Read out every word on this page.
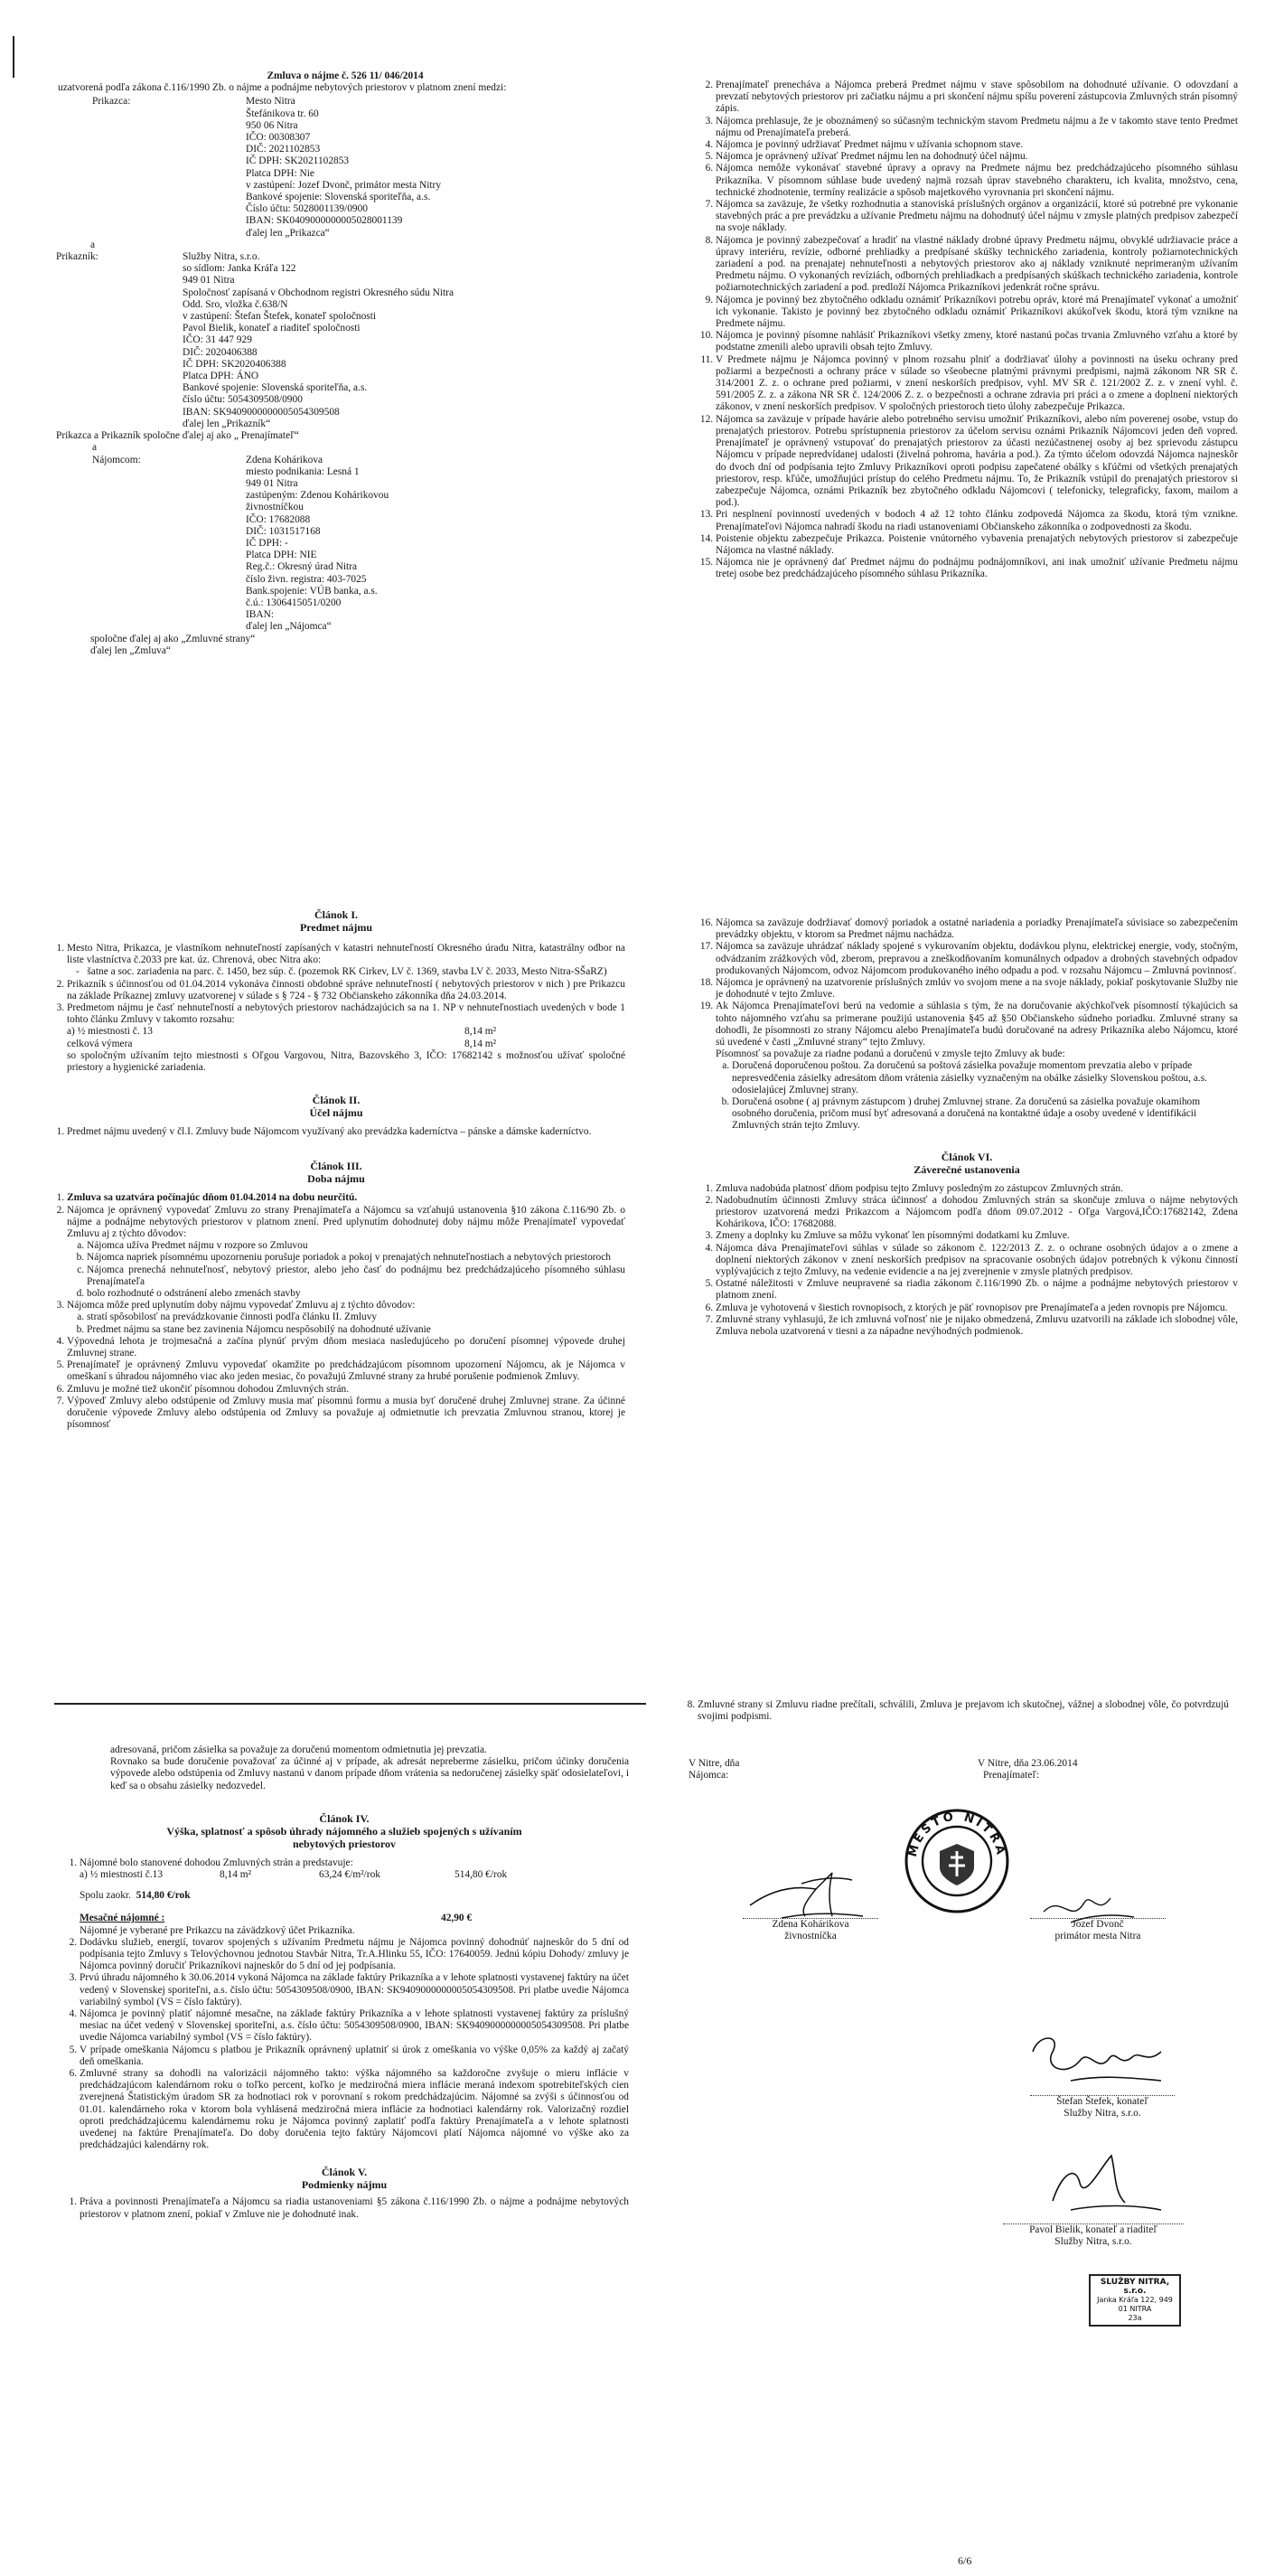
Zmluva o nájme č. 526 11/ 046/2014

uzatvorená podľa zákona č.116/1990 Zb. o nájme a podnájme nebytových priestorov v platnom znení medzi:

Prikazca:	Mesto Nitra
Štefánikova tr. 60
950 06 Nitra
IČO: 00308307
DIČ: 2021102853
IČ DPH: SK2021102853
Platca DPH: Nie
v zastúpení: Jozef Dvonč, primátor mesta Nitry
Bankové spojenie: Slovenská sporiteľňa, a.s.
Číslo účtu: 5028001139/0900
IBAN: SK0409000000005028001139
ďalej len „Prikazca“
a
Prikazník:	Služby Nitra, s.r.o.
so sídlom: Janka Kráľa 122
949 01 Nitra
Spoločnosť zapísaná v Obchodnom registri Okresného súdu Nitra
Odd. Sro, vložka č.638/N
v zastúpení: Štefan Štefek, konateľ spoločnosti
Pavol Bielik, konateľ a riaditeľ spoločnosti
IČO: 31 447 929
DIČ: 2020406388
IČ DPH: SK2020406388
Platca DPH: ÁNO
Bankové spojenie: Slovenská sporiteľňa, a.s.
číslo účtu: 5054309508/0900
IBAN: SK9409000000005054309508
ďalej len „Prikazník“
Prikazca a Prikazník spoločne ďalej aj ako „ Prenajímateľ“
a
Nájomcom:	Zdena Kohárikova
miesto podnikania: Lesná 1
949 01 Nitra
zastúpeným: Zdenou Kohárikovou
živnostníčkou
IČO: 17682088
DIČ: 1031517168
IČ DPH: -
Platca DPH: NIE
Reg.č.: Okresný úrad Nitra
číslo živn. registra: 403-7025
Bank.spojenie: VÚB banka, a.s.
č.ú.: 1306415051/0200
IBAN:
ďalej len „Nájomca“
spoločne ďalej aj ako „Zmluvné strany“
ďalej len „Zmluva“
2. Prenajímateľ prenecháva a Nájomca preberá Predmet nájmu v stave spôsobilom na dohodnuté užívanie. O odovzdaní a prevzatí nebytových priestorov pri začiatku nájmu a pri skončení nájmu spíšu poverení zástupcovia Zmluvných strán písomný zápis.
3. Nájomca prehlasuje, že je oboznámený so súčasným technickým stavom Predmetu nájmu a že v takomto stave tento Predmet nájmu od Prenajímateľa preberá.
4. Nájomca je povinný udržiavať Predmet nájmu v užívania schopnom stave.
5. Nájomca je oprávnený užívať Predmet nájmu len na dohodnutý účel nájmu.
6. Nájomca nemôže vykonávať stavebné úpravy a opravy na Predmete nájmu bez predchádzajúceho písomného súhlasu Prikazníka. V písomnom súhlase bude uvedený najmä rozsah úprav stavebného charakteru, ich kvalita, množstvo, cena, technické zhodnotenie, termíny realizácie a spôsob majetkového vyrovnania pri skončení nájmu.
7. Nájomca sa zaväzuje, že všetky rozhodnutia a stanoviská príslušných orgánov a organizácií, ktoré sú potrebné pre vykonanie stavebných prác a pre prevádzku a užívanie Predmetu nájmu na dohodnutý účel nájmu v zmysle platných predpisov zabezpečí na svoje náklady.
8. Nájomca je povinný zabezpečovať a hradiť na vlastné náklady drobné úpravy Predmetu nájmu, obvyklé udržiavacie práce a úpravy interiéru, revízie, odborné prehliadky a predpísané skúšky technického zariadenia, kontroly požiarnotechnických zariadení a pod. na prenajatej nehnuteľnosti a nebytových priestorov ako aj náklady vzniknuté neprimeraným užívaním Predmetu nájmu. O vykonaných revíziách, odborných prehliadkach a predpísaných skúškach technického zariadenia, kontrole požiarnotechnických zariadení a pod. predloží Nájomca Prikazníkovi jedenkrát ročne správu.
9. Nájomca je povinný bez zbytočného odkladu oznámiť Prikazníkovi potrebu opráv, ktoré má Prenajímateľ vykonať a umožniť ich vykonanie. Takisto je povinný bez zbytočného odkladu oznámiť Prikazníkovi akúkoľvek škodu, ktorá tým vznikne na Predmete nájmu.
10. Nájomca je povinný písomne nahlásiť Prikazníkovi všetky zmeny, ktoré nastanú počas trvania Zmluvného vzťahu a ktoré by podstatne zmenili alebo upravili obsah tejto Zmluvy.
11. V Predmete nájmu je Nájomca povinný v plnom rozsahu plniť a dodržiavať úlohy a povinnosti na úseku ochrany pred požiarmi a bezpečnosti a ochrany práce v súlade so všeobecne platnými právnymi predpismi, najmä zákonom NR SR č. 314/2001 Z. z. o ochrane pred požiarmi, v znení neskorších predpisov, vyhl. MV SR č. 121/2002 Z. z. v znení vyhl. č. 591/2005 Z. z. a zákona NR SR č. 124/2006 Z. z. o bezpečnosti a ochrane zdravia pri práci a o zmene a doplnení niektorých zákonov, v znení neskorších predpisov. V spoločných priestoroch tieto úlohy zabezpečuje Prikazca.
12. Nájomca sa zaväzuje v prípade havárie alebo potrebného servisu umožniť Prikazníkovi, alebo ním poverenej osobe, vstup do prenajatých priestorov. Potrebu sprístupnenia priestorov za účelom servisu oznámi Prikazník Nájomcovi jeden deň vopred. Prenajímateľ je oprávnený vstupovať do prenajatých priestorov za účasti nezúčastnenej osoby aj bez sprievodu zástupcu Nájomcu v prípade nepredvídanej udalosti (živelná pohroma, havária a pod.). Za týmto účelom odovzdá Nájomca najneskôr do dvoch dní od podpísania tejto Zmluvy Prikazníkovi oproti podpisu zapečatené obálky s kľúčmi od všetkých prenajatých priestorov, resp. kľúče, umožňujúci prístup do celého Predmetu nájmu. To, že Prikazník vstúpil do prenajatých priestorov si zabezpečuje Nájomca, oznámi Prikazník bez zbytočného odkladu Nájomcovi ( telefonicky, telegraficky, faxom, mailom a pod.).
13. Pri nesplnení povinností uvedených v bodoch 4 až 12 tohto článku zodpovedá Nájomca za škodu, ktorá tým vznikne. Prenajímateľovi Nájomca nahradí škodu na riadi ustanoveniami Občianskeho zákonníka o zodpovednosti za škodu.
14. Poistenie objektu zabezpečuje Prikazca. Poistenie vnútorného vybavenia prenajatých nebytových priestorov si zabezpečuje Nájomca na vlastné náklady.
15. Nájomca nie je oprávnený dať Predmet nájmu do podnájmu podnájomníkovi, ani inak umožniť užívanie Predmetu nájmu tretej osobe bez predchádzajúceho písomného súhlasu Prikazníka.
Článok I.
Predmet nájmu
1. Mesto Nitra, Prikazca, je vlastníkom nehnuteľností zapísaných v katastri nehnuteľností Okresného úradu Nitra, katastrálny odbor na liste vlastníctva č.2033 pre kat. úz. Chrenová, obec Nitra ako:
-   šatne a soc. zariadenia na parc. č. 1450, bez súp. č. (pozemok RK Cirkev, LV č. 1369, stavba LV č. 2033, Mesto Nitra-SŠaRZ)
2. Prikazník s účinnosťou od 01.04.2014 vykonáva činnosti obdobné správe nehnuteľností ( nebytových priestorov v nich ) pre Prikazcu na základe Príkaznej zmluvy uzatvorenej v súlade s § 724 - § 732 Občianskeho zákonníka dňa 24.03.2014.
3. Predmetom nájmu je časť nehnuteľností a nebytových priestorov nachádzajúcich sa na 1. NP v nehnuteľnostiach uvedených v bode 1 tohto článku Zmluvy v takomto rozsahu:
a) ½ miestnosti č. 13	8,14 m²
celková výmera	8,14 m²
so spoločným užívaním tejto miestnosti s Oľgou Vargovou, Nitra, Bazovského 3, IČO: 17682142 s možnosťou užívať spoločné priestory a hygienické zariadenia.
Článok II.
Účel nájmu
1. Predmet nájmu uvedený v čl.I. Zmluvy bude Nájomcom využívaný ako prevádzka kaderníctva – pánske a dámske kaderníctvo.
Článok III.
Doba nájmu
1. Zmluva sa uzatvára počínajúc dňom 01.04.2014 na dobu neurčitú.
2. Nájomca je oprávnený vypovedať Zmluvu zo strany Prenajímateľa a Nájomcu sa vzťahujú ustanovenia §10 zákona č.116/90 Zb. o nájme a podnájme nebytových priestorov v platnom znení. Pred uplynutím dohodnutej doby nájmu môže Prenajímateľ vypovedať Zmluvu aj z týchto dôvodov:
a. Nájomca užíva Predmet nájmu v rozpore so Zmluvou
b. Nájomca napriek písomnému upozorneniu porušuje poriadok a pokoj v prenajatých nehnuteľnostiach a nebytových priestoroch
c. Nájomca prenechá nehnuteľnosť, nebytový priestor, alebo jeho časť do podnájmu bez predchádzajúceho písomného súhlasu Prenajímateľa
d. bolo rozhodnuté o odstránení alebo zmenách stavby
3. Nájomca môže pred uplynutím doby nájmu vypovedať Zmluvu aj z týchto dôvodov:
a. stratí spôsobilosť na prevádzkovanie činnosti podľa článku II. Zmluvy
b. Predmet nájmu sa stane bez zavinenia Nájomcu nespôsobilý na dohodnuté užívanie
4. Výpovedná lehota je trojmesačná a začína plynúť prvým dňom mesiaca nasledujúceho po doručení písomnej výpovede druhej Zmluvnej strane.
5. Prenajímateľ je oprávnený Zmluvu vypovedať okamžite po predchádzajúcom písomnom upozornení Nájomcu, ak je Nájomca v omeškaní s úhradou nájomného viac ako jeden mesiac, čo považujú Zmluvné strany za hrubé porušenie podmienok Zmluvy.
6. Zmluvu je možné tiež ukončiť písomnou dohodou Zmluvných strán.
7. Výpoveď Zmluvy alebo odstúpenie od Zmluvy musia mať písomnú formu a musia byť doručené druhej Zmluvnej strane. Za účinné doručenie výpovede Zmluvy alebo odstúpenia od Zmluvy sa považuje aj odmietnutie ich prevzatia Zmluvnou stranou, ktorej je písomnosť
16. Nájomca sa zaväzuje dodržiavať domový poriadok a ostatné nariadenia a poriadky Prenajímateľa súvisiace so zabezpečením prevádzky objektu, v ktorom sa Predmet nájmu nachádza.
17. Nájomca sa zaväzuje uhrádzať náklady spojené s vykurovaním objektu, dodávkou plynu, elektrickej energie, vody, stočným, odvádzaním zrážkových vôd, zberom, prepravou a zneškodňovaním komunálnych odpadov a drobných stavebných odpadov produkovaných Nájomcom, odvoz Nájomcom produkovaného iného odpadu a pod. v rozsahu Nájomcu – Zmluvná povinnosť.
18. Nájomca je oprávnený na uzatvorenie príslušných zmlúv vo svojom mene a na svoje náklady, pokiaľ poskytovanie Služby nie je dohodnuté v tejto Zmluve.
19. Ak Nájomca Prenajímateľovi berú na vedomie a súhlasia s tým, že na doručovanie akýchkoľvek písomností týkajúcich sa tohto nájomného vzťahu sa primerane použijú ustanovenia §45 až §50 Občianskeho súdneho poriadku. Zmluvné strany sa dohodli, že písomnosti zo strany Nájomcu alebo Prenajímateľa budú doručované na adresy Prikazníka alebo Nájomcu, ktoré sú uvedené v časti „Zmluvné strany“ tejto Zmluvy.
Písomnosť sa považuje za riadne podanú a doručenú v zmysle tejto Zmluvy ak bude:
a. Doručená doporučenou poštou. Za doručenú sa poštová zásielka považuje momentom prevzatia alebo v prípade nepresvedčenia zásielky adresátom dňom vrátenia zásielky vyznačeným na obálke zásielky Slovenskou poštou, a.s. odosielajúcej Zmluvnej strany.
b. Doručená osobne ( aj právnym zástupcom ) druhej Zmluvnej strane. Za doručenú sa zásielka považuje okamihom osobného doručenia, pričom musí byť adresovaná a doručená na kontaktné údaje a osoby uvedené v identifikácii Zmluvných strán tejto Zmluvy.
Článok VI.
Záverečné ustanovenia
1. Zmluva nadobúda platnosť dňom podpisu tejto Zmluvy posledným zo zástupcov Zmluvných strán.
2. Nadobudnutím účinnosti Zmluvy stráca účinnosť a dohodou Zmluvných strán sa skončuje zmluva o nájme nebytových priestorov uzatvorená medzi Prikazcom a Nájomcom podľa dňom 09.07.2012 - Oľga Vargová,IČO:17682142, Zdena Kohárikova, IČO: 17682088.
3. Zmeny a doplnky ku Zmluve sa môžu vykonať len písomnými dodatkami ku Zmluve.
4. Nájomca dáva Prenajímateľovi súhlas v súlade so zákonom č. 122/2013 Z. z. o ochrane osobných údajov a o zmene a doplnení niektorých zákonov v znení neskorších predpisov na spracovanie osobných údajov potrebných k výkonu činností vyplývajúcich z tejto Zmluvy, na vedenie evidencie a na jej zverejnenie v zmysle platných predpisov.
5. Ostatné náležitosti v Zmluve neupravené sa riadia zákonom č.116/1990 Zb. o nájme a podnájme nebytových priestorov v platnom znení.
6. Zmluva je vyhotovená v šiestich rovnopisoch, z ktorých je päť rovnopisov pre Prenajímateľa a jeden rovnopis pre Nájomcu.
7. Zmluvné strany vyhlasujú, že ich zmluvná voľnosť nie je nijako obmedzená, Zmluvu uzatvorili na základe ich slobodnej vôle, Zmluva nebola uzatvorená v tiesni a za nápadne nevýhodných podmienok.
adresovaná, pričom zásielka sa považuje za doručenú momentom odmietnutia jej prevzatia.
Rovnako sa bude doručenie považovať za účinné aj v prípade, ak adresát nepreberme zásielku, pričom účinky doručenia výpovede alebo odstúpenia od Zmluvy nastanú v danom prípade dňom vrátenia sa nedoručenej zásielky späť odosielateľovi, i keď sa o obsahu zásielky nedozvedel.
Článok IV.
Výška, splatnosť a spôsob úhrady nájomného a služieb spojených s užívaním
nebytových priestorov
1. Nájomné bolo stanovené dohodou Zmluvných strán a predstavuje:
a) ½ miestnosti č.13	8,14 m²	63,24 €/m²/rok	514,80 €/rok
Spolu zaokr. 514,80 €/rok
Mesačné nájomné :	42,90 €
Nájomné je vyberané pre Prikazcu na závädzkový účet Prikazníka.
2. Dodávku služieb, energií, tovarov spojených s užívaním Predmetu nájmu je Nájomca povinný dohodnúť najneskôr do 5 dní od podpísania tejto Zmluvy s Telovýchovnou jednotou Stavbár Nitra, Tr.A.Hlinku 55, IČO: 17640059. Jednú kópiu Dohody/ zmluvy je Nájomca povinný doručiť Prikazníkovi najneskôr do 5 dní od jej podpísania.
3. Prvú úhradu nájomného k 30.06.2014 vykoná Nájomca na základe faktúry Prikazníka a v lehote splatnosti vystavenej faktúry na účet vedený v Slovenskej sporiteľni, a.s. číslo účtu: 5054309508/0900, IBAN: SK9409000000005054309508. Pri platbe uvedie Nájomca variabilný symbol (VS = číslo faktúry).
4. Nájomca je povinný platiť nájomné mesačne, na základe faktúry Prikazníka a v lehote splatnosti vystavenej faktúry za príslušný mesiac na účet vedený v Slovenskej sporiteľni, a.s. číslo účtu: 5054309508/0900, IBAN: SK9409000000005054309508. Pri platbe uvedie Nájomca variabilný symbol (VS = číslo faktúry).
5. V prípade omeškania Nájomcu s platbou je Prikazník oprávnený uplatniť si úrok z omeškania vo výške 0,05% za každý aj začatý deň omeškania.
6. Zmluvné strany sa dohodli na valorizácii nájomného takto: výška nájomného sa každoročne zvyšuje o mieru inflácie v predchádzajúcom kalendárnom roku o toľko percent, koľko je medziročná miera inflácie meraná indexom spotrebiteľských cien zverejnená Štatistickým úradom SR za hodnotiaci rok v porovnaní s rokom predchádzajúcim. Nájomné sa zvýši s účinnosťou od 01.01. kalendárneho roka v ktorom bola vyhlásená medziročná miera inflácie za hodnotiaci kalendárny rok. Valorizačný rozdiel oproti predchádzajúcemu kalendárnemu roku je Nájomca povinný zaplatiť podľa faktúry Prenajímateľa a v lehote splatnosti uvedenej na faktúre Prenajímateľa. Do doby doručenia tejto faktúry Nájomcovi platí Nájomca nájomné vo výške ako za predchádzajúci kalendárny rok.
Článok V.
Podmienky nájmu
1. Práva a povinnosti Prenajímateľa a Nájomcu sa riadia ustanoveniami §5 zákona č.116/1990 Zb. o nájme a podnájme nebytových priestorov v platnom znení, pokiaľ v Zmluve nie je dohodnuté inak.
8. Zmluvné strany si Zmluvu riadne prečítali, schválili, Zmluva je prejavom ich skutočnej, vážnej a slobodnej vôle, čo potvrdzujú svojimi podpismi.
V Nitre, dňa
Nájomca:
V Nitre, dňa 23.06.2014
Prenajímateľ:
MESTO NITRA
Zdena Kohárikova
živnostníčka
Jozef Dvonč
primátor mesta Nitra
Štefan Štefek, konateľ
Služby Nitra, s.r.o.
Pavol Bielik, konateľ a riaditeľ
Služby Nitra, s.r.o.
SLUŽBY NITRA, s.r.o.
Janka Kráľa 122, 949 01 NITRA
23a
6/6
